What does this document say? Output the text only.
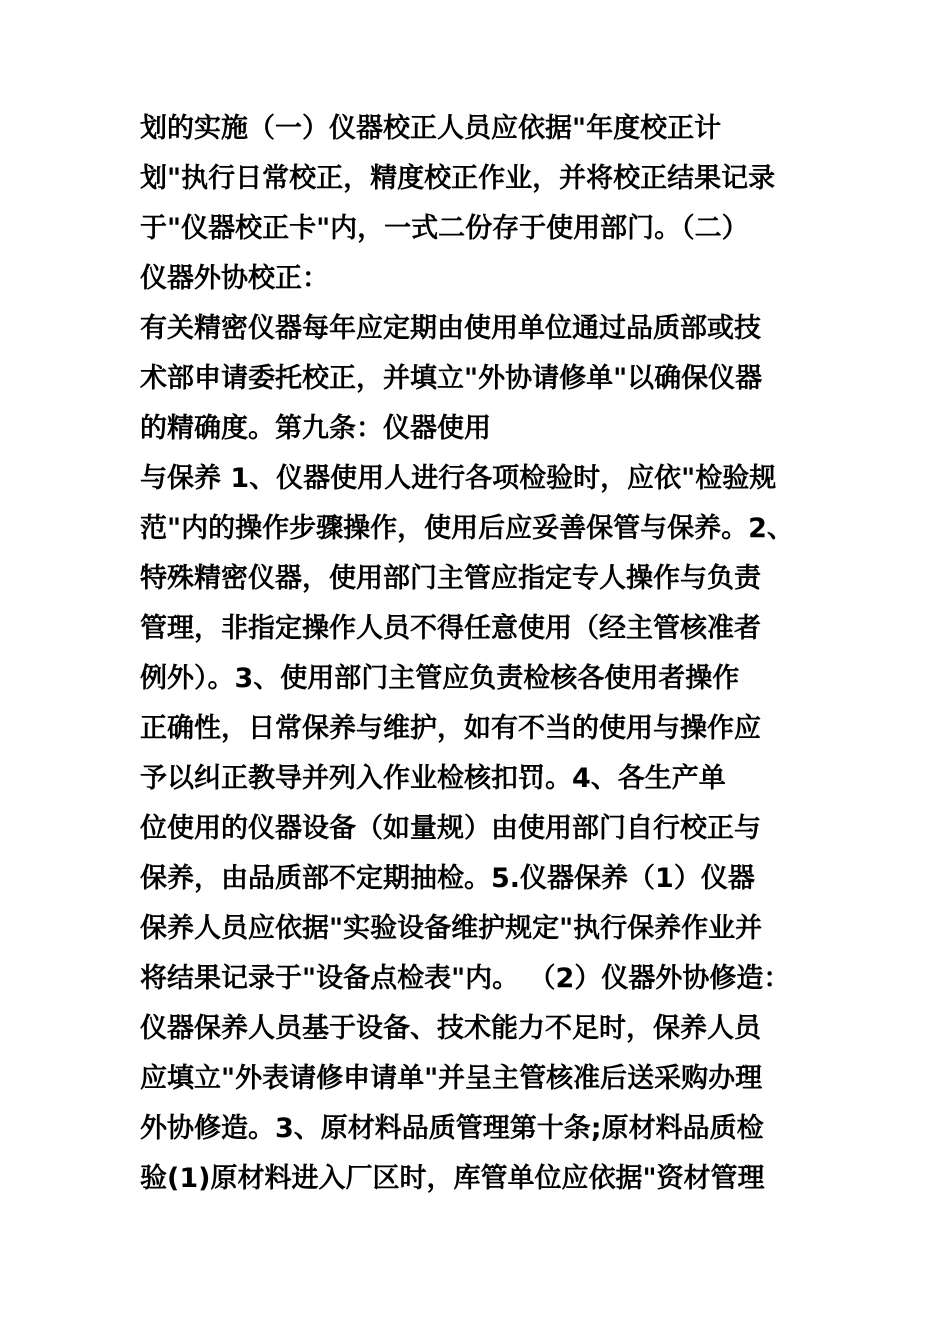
划的实施（一）仪器校正人员应依据"年度校正计
划"执行日常校正，精度校正作业，并将校正结果记录
于"仪器校正卡"内，一式二份存于使用部门。（二）
仪器外协校正：
有关精密仪器每年应定期由使用单位通过品质部或技
术部申请委托校正，并填立"外协请修单"以确保仪器
的精确度。第九条：仪器使用
与保养 1、仪器使用人进行各项检验时，应依"检验规
范"内的操作步骤操作，使用后应妥善保管与保养。2、
特殊精密仪器，使用部门主管应指定专人操作与负责
管理，非指定操作人员不得任意使用（经主管核准者
例外）。3、使用部门主管应负责检核各使用者操作
正确性，日常保养与维护，如有不当的使用与操作应
予以纠正教导并列入作业检核扣罚。4、各生产单
位使用的仪器设备（如量规）由使用部门自行校正与
保养，由品质部不定期抽检。5.仪器保养（1）仪器
保养人员应依据"实验设备维护规定"执行保养作业并
将结果记录于"设备点检表"内。 （2）仪器外协修造：
仪器保养人员基于设备、技术能力不足时，保养人员
应填立"外表请修申请单"并呈主管核准后送采购办理
外协修造。3、原材料品质管理第十条;原材料品质检
验(1)原材料进入厂区时，库管单位应依据"资材管理
